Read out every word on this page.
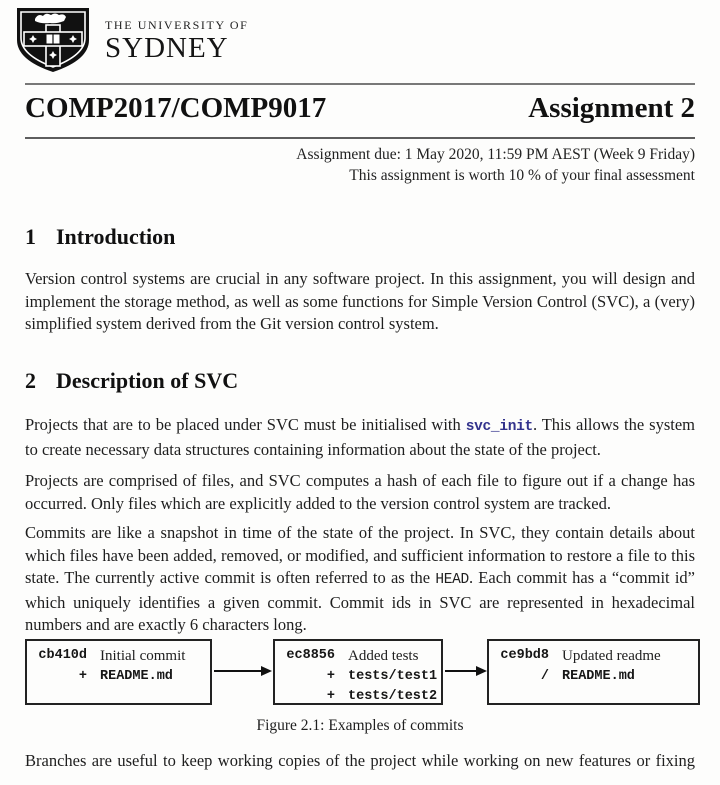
THE UNIVERSITY OF
SYDNEY
COMP2017/COMP9017	Assignment 2
Assignment due: 1 May 2020, 11:59 PM AEST (Week 9 Friday)
This assignment is worth 10 % of your final assessment
1 Introduction

Version control systems are crucial in any software project. In this assignment, you will design and implement the storage method, as well as some functions for Simple Version Control (SVC), a (very) simplified system derived from the Git version control system.

2 Description of SVC

Projects that are to be placed under SVC must be initialised with svc_init. This allows the system to create necessary data structures containing information about the state of the project.

Projects are comprised of files, and SVC computes a hash of each file to figure out if a change has occurred. Only files which are explicitly added to the version control system are tracked.

Commits are like a snapshot in time of the state of the project. In SVC, they contain details about which files have been added, removed, or modified, and sufficient information to restore a file to this state. The currently active commit is often referred to as the HEAD. Each commit has a “commit id” which uniquely identifies a given commit. Commit ids in SVC are represented in hexadecimal numbers and are exactly 6 characters long.

cb410d Initial commit
+ README.md
ec8856 Added tests
+ tests/test1
+ tests/test2
ce9bd8 Updated readme
/ README.md
Figure 2.1: Examples of commits

Branches are useful to keep working copies of the project while working on new features or fixing
